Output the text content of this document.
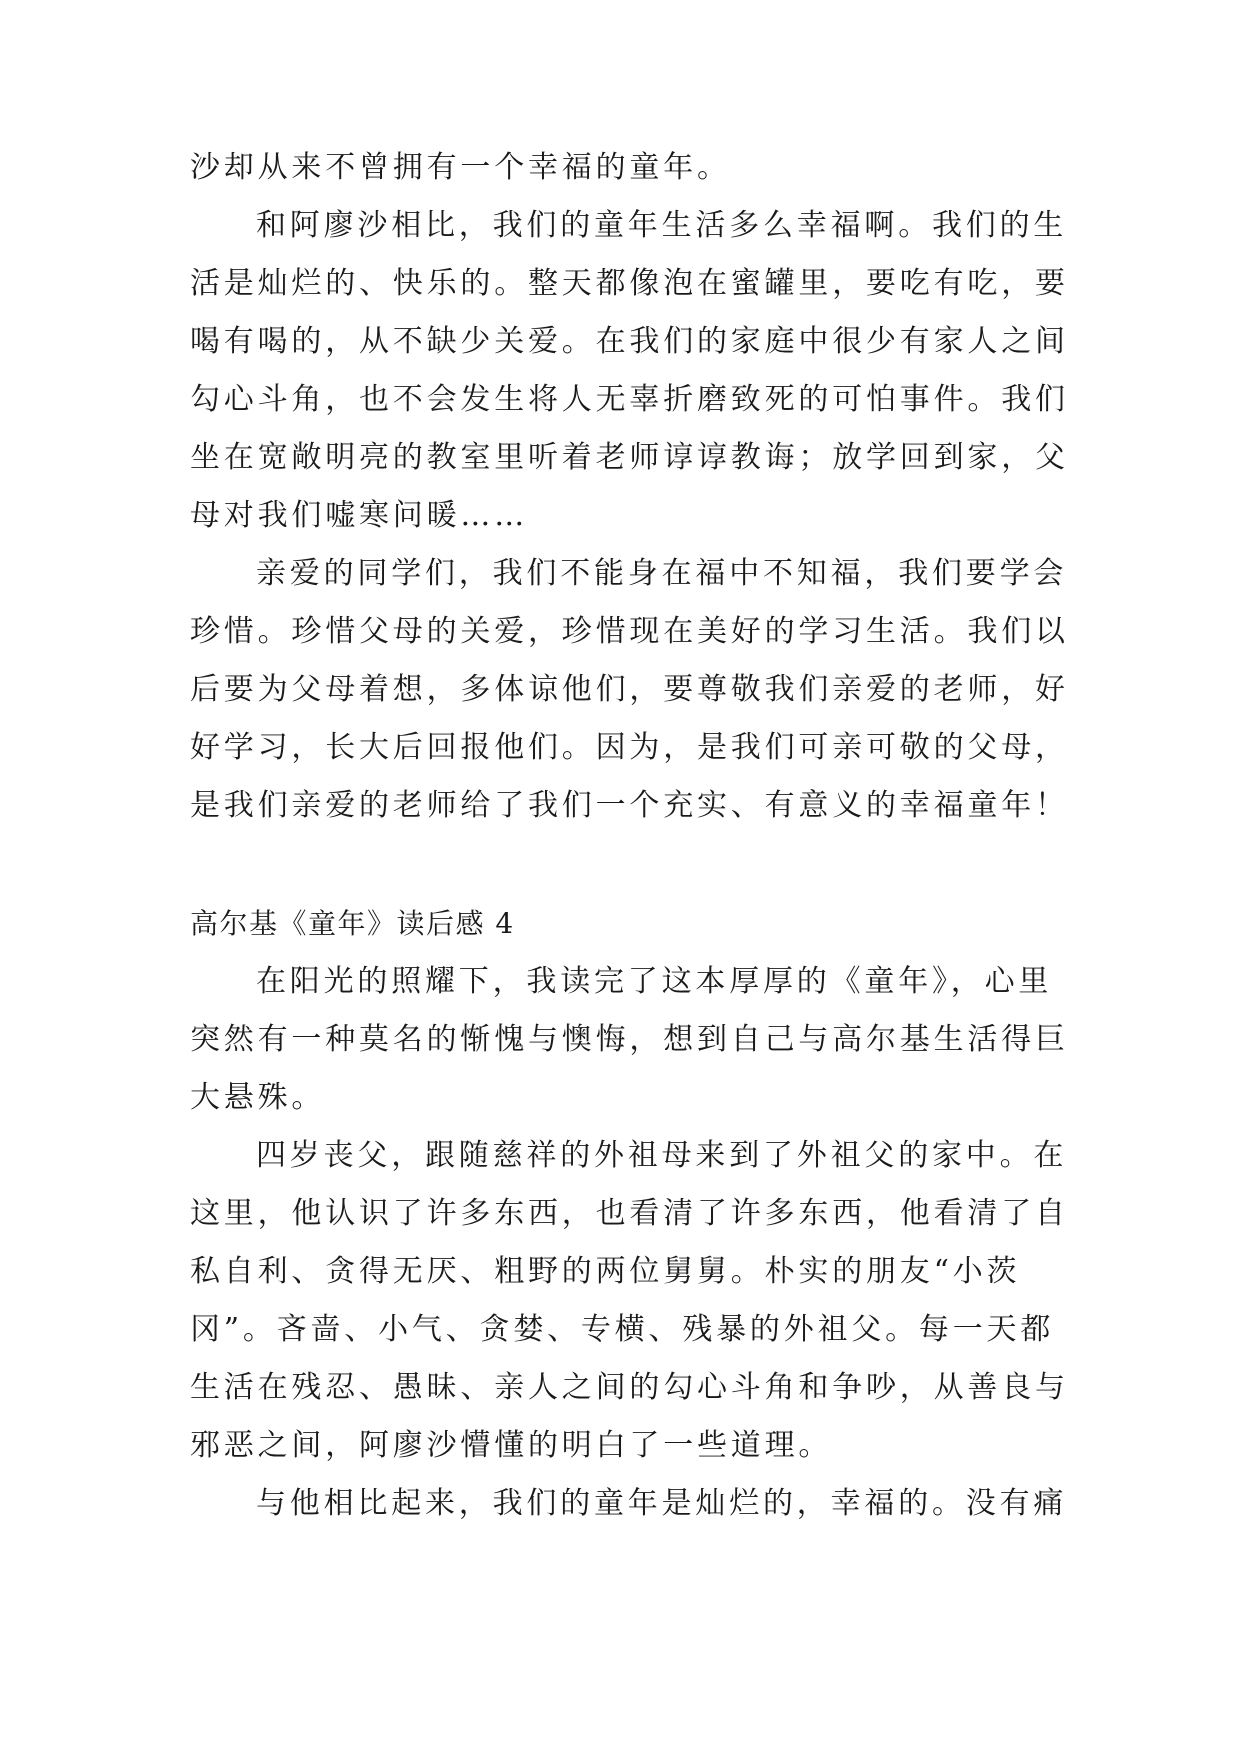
沙却从来不曾拥有一个幸福的童年。
和阿廖沙相比，我们的童年生活多么幸福啊。我们的生
活是灿烂的、快乐的。整天都像泡在蜜罐里，要吃有吃，要
喝有喝的，从不缺少关爱。在我们的家庭中很少有家人之间
勾心斗角，也不会发生将人无辜折磨致死的可怕事件。我们
坐在宽敞明亮的教室里听着老师谆谆教诲；放学回到家，父
母对我们嘘寒问暖……
亲爱的同学们，我们不能身在福中不知福，我们要学会
珍惜。珍惜父母的关爱，珍惜现在美好的学习生活。我们以
后要为父母着想，多体谅他们，要尊敬我们亲爱的老师，好
好学习，长大后回报他们。因为，是我们可亲可敬的父母，
是我们亲爱的老师给了我们一个充实、有意义的幸福童年！
高尔基《童年》读后感 4
在阳光的照耀下，我读完了这本厚厚的《童年》，心里
突然有一种莫名的惭愧与懊悔，想到自己与高尔基生活得巨
大悬殊。
四岁丧父，跟随慈祥的外祖母来到了外祖父的家中。在
这里，他认识了许多东西，也看清了许多东西，他看清了自
私自利、贪得无厌、粗野的两位舅舅。朴实的朋友“小茨
冈”。吝啬、小气、贪婪、专横、残暴的外祖父。每一天都
生活在残忍、愚昧、亲人之间的勾心斗角和争吵，从善良与
邪恶之间，阿廖沙懵懂的明白了一些道理。
与他相比起来，我们的童年是灿烂的，幸福的。没有痛
